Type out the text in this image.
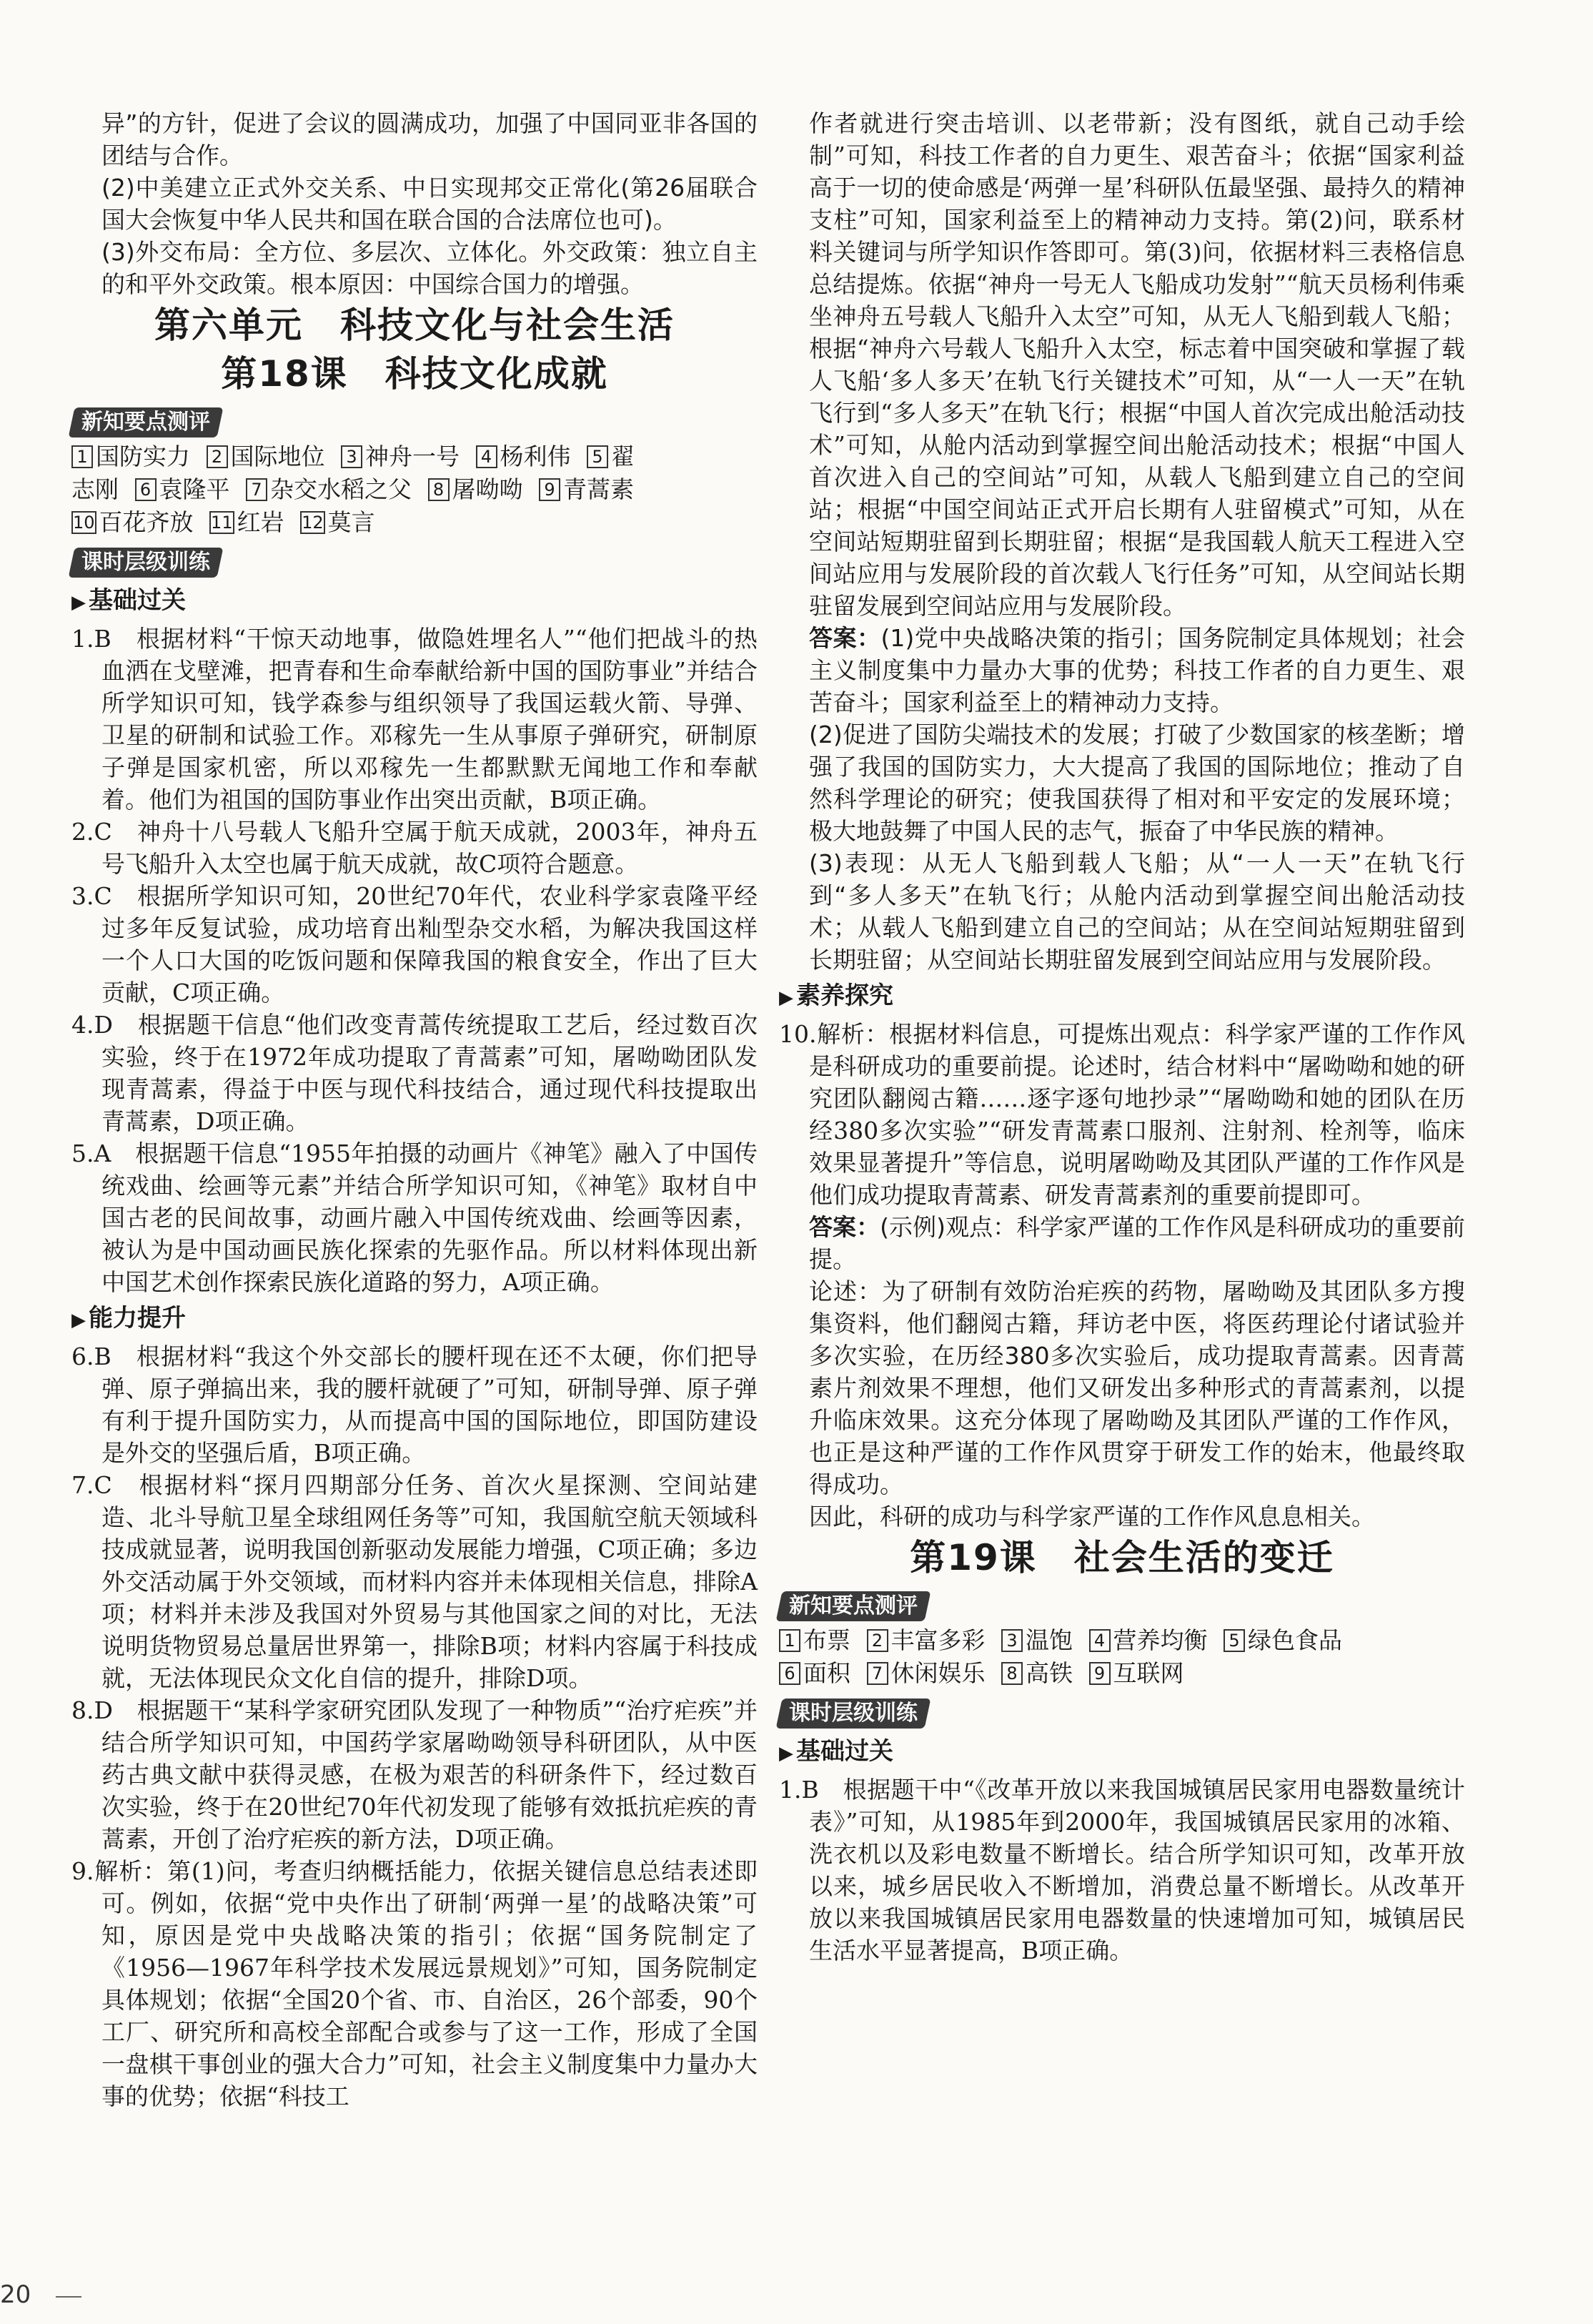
异”的方针，促进了会议的圆满成功，加强了中国同亚非各国的团结与合作。

(2)中美建立正式外交关系、中日实现邦交正常化(第26届联合国大会恢复中华人民共和国在联合国的合法席位也可)。

(3)外交布局：全方位、多层次、立体化。外交政策：独立自主的和平外交政策。根本原因：中国综合国力的增强。

第六单元　科技文化与社会生活
第18课　科技文化成就
新知要点测评
1 国防实力 2 国际地位 3 神舟一号 4 杨利伟 5 翟
志刚 6 袁隆平 7 杂交水稻之父 8 屠呦呦 9 青蒿素
10 百花齐放 11 红岩 12 莫言
课时层级训练
▶ 基础过关

1.B　根据材料“干惊天动地事，做隐姓埋名人”“他们把战斗的热血洒在戈壁滩，把青春和生命奉献给新中国的国防事业”并结合所学知识可知，钱学森参与组织领导了我国运载火箭、导弹、卫星的研制和试验工作。邓稼先一生从事原子弹研究，研制原子弹是国家机密，所以邓稼先一生都默默无闻地工作和奉献着。他们为祖国的国防事业作出突出贡献，B项正确。

2.C　神舟十八号载人飞船升空属于航天成就，2003年，神舟五号飞船升入太空也属于航天成就，故C项符合题意。

3.C　根据所学知识可知，20世纪70年代，农业科学家袁隆平经过多年反复试验，成功培育出籼型杂交水稻，为解决我国这样一个人口大国的吃饭问题和保障我国的粮食安全，作出了巨大贡献，C项正确。

4.D　根据题干信息“他们改变青蒿传统提取工艺后，经过数百次实验，终于在1972年成功提取了青蒿素”可知，屠呦呦团队发现青蒿素，得益于中医与现代科技结合，通过现代科技提取出青蒿素，D项正确。

5.A　根据题干信息“1955年拍摄的动画片《神笔》融入了中国传统戏曲、绘画等元素”并结合所学知识可知，《神笔》取材自中国古老的民间故事，动画片融入中国传统戏曲、绘画等因素，被认为是中国动画民族化探索的先驱作品。所以材料体现出新中国艺术创作探索民族化道路的努力，A项正确。

▶ 能力提升

6.B　根据材料“我这个外交部长的腰杆现在还不太硬，你们把导弹、原子弹搞出来，我的腰杆就硬了”可知，研制导弹、原子弹有利于提升国防实力，从而提高中国的国际地位，即国防建设是外交的坚强后盾，B项正确。

7.C　根据材料“探月四期部分任务、首次火星探测、空间站建造、北斗导航卫星全球组网任务等”可知，我国航空航天领域科技成就显著，说明我国创新驱动发展能力增强，C项正确；多边外交活动属于外交领域，而材料内容并未体现相关信息，排除A项；材料并未涉及我国对外贸易与其他国家之间的对比，无法说明货物贸易总量居世界第一，排除B项；材料内容属于科技成就，无法体现民众文化自信的提升，排除D项。

8.D　根据题干“某科学家研究团队发现了一种物质”“治疗疟疾”并结合所学知识可知，中国药学家屠呦呦领导科研团队，从中医药古典文献中获得灵感，在极为艰苦的科研条件下，经过数百次实验，终于在20世纪70年代初发现了能够有效抵抗疟疾的青蒿素，开创了治疗疟疾的新方法，D项正确。

9.解析：第(1)问，考查归纳概括能力，依据关键信息总结表述即可。例如，依据“党中央作出了研制‘两弹一星’的战略决策”可知，原因是党中央战略决策的指引；依据“国务院制定了《1956—1967年科学技术发展远景规划》”可知，国务院制定具体规划；依据“全国20个省、市、自治区，26个部委，90个工厂、研究所和高校全部配合或参与了这一工作，形成了全国一盘棋干事创业的强大合力”可知，社会主义制度集中力量办大事的优势；依据“科技工

作者就进行突击培训、以老带新；没有图纸，就自己动手绘制”可知，科技工作者的自力更生、艰苦奋斗；依据“国家利益高于一切的使命感是‘两弹一星’科研队伍最坚强、最持久的精神支柱”可知，国家利益至上的精神动力支持。第(2)问，联系材料关键词与所学知识作答即可。第(3)问，依据材料三表格信息总结提炼。依据“神舟一号无人飞船成功发射”“航天员杨利伟乘坐神舟五号载人飞船升入太空”可知，从无人飞船到载人飞船；根据“神舟六号载人飞船升入太空，标志着中国突破和掌握了载人飞船‘多人多天’在轨飞行关键技术”可知，从“一人一天”在轨飞行到“多人多天”在轨飞行；根据“中国人首次完成出舱活动技术”可知，从舱内活动到掌握空间出舱活动技术；根据“中国人首次进入自己的空间站”可知，从载人飞船到建立自己的空间站；根据“中国空间站正式开启长期有人驻留模式”可知，从在空间站短期驻留到长期驻留；根据“是我国载人航天工程进入空间站应用与发展阶段的首次载人飞行任务”可知，从空间站长期驻留发展到空间站应用与发展阶段。

答案：(1)党中央战略决策的指引；国务院制定具体规划；社会主义制度集中力量办大事的优势；科技工作者的自力更生、艰苦奋斗；国家利益至上的精神动力支持。

(2)促进了国防尖端技术的发展；打破了少数国家的核垄断；增强了我国的国防实力，大大提高了我国的国际地位；推动了自然科学理论的研究；使我国获得了相对和平安定的发展环境；极大地鼓舞了中国人民的志气，振奋了中华民族的精神。

(3)表现：从无人飞船到载人飞船；从“一人一天”在轨飞行到“多人多天”在轨飞行；从舱内活动到掌握空间出舱活动技术；从载人飞船到建立自己的空间站；从在空间站短期驻留到长期驻留；从空间站长期驻留发展到空间站应用与发展阶段。

▶ 素养探究

10.解析：根据材料信息，可提炼出观点：科学家严谨的工作作风是科研成功的重要前提。论述时，结合材料中“屠呦呦和她的研究团队翻阅古籍……逐字逐句地抄录”“屠呦呦和她的团队在历经380多次实验”“研发青蒿素口服剂、注射剂、栓剂等，临床效果显著提升”等信息，说明屠呦呦及其团队严谨的工作作风是他们成功提取青蒿素、研发青蒿素剂的重要前提即可。

答案：(示例)观点：科学家严谨的工作作风是科研成功的重要前提。

论述：为了研制有效防治疟疾的药物，屠呦呦及其团队多方搜集资料，他们翻阅古籍，拜访老中医，将医药理论付诸试验并多次实验，在历经380多次实验后，成功提取青蒿素。因青蒿素片剂效果不理想，他们又研发出多种形式的青蒿素剂，以提升临床效果。这充分体现了屠呦呦及其团队严谨的工作作风，也正是这种严谨的工作作风贯穿于研发工作的始末，他最终取得成功。

因此，科研的成功与科学家严谨的工作作风息息相关。

第19课　社会生活的变迁
新知要点测评
1 布票 2 丰富多彩 3 温饱 4 营养均衡 5 绿色食品
6 面积 7 休闲娱乐 8 高铁 9 互联网
课时层级训练
▶ 基础过关

1.B　根据题干中“《改革开放以来我国城镇居民家用电器数量统计表》”可知，从1985年到2000年，我国城镇居民家用的冰箱、洗衣机以及彩电数量不断增长。结合所学知识可知，改革开放以来，城乡居民收入不断增加，消费总量不断增长。从改革开放以来我国城镇居民家用电器数量的快速增加可知，城镇居民生活水平显著提高，B项正确。

20
